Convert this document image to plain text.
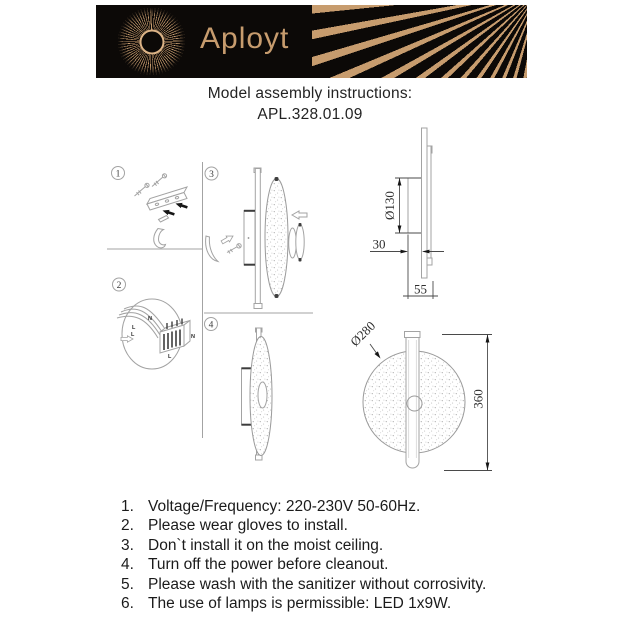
Aployt
Model assembly instructions:
APL.328.01.09
1
2
3
4
N
L
L	N
L
Ø130
30
55
Ø280
360
1. Voltage/Frequency: 220-230V 50-60Hz.
2. Please wear gloves to install.
3. Don`t install it on the moist ceiling.
4. Turn off the power before cleanout.
5. Please wash with the sanitizer without corrosivity.
6. The use of lamps is permissible: LED 1x9W.
